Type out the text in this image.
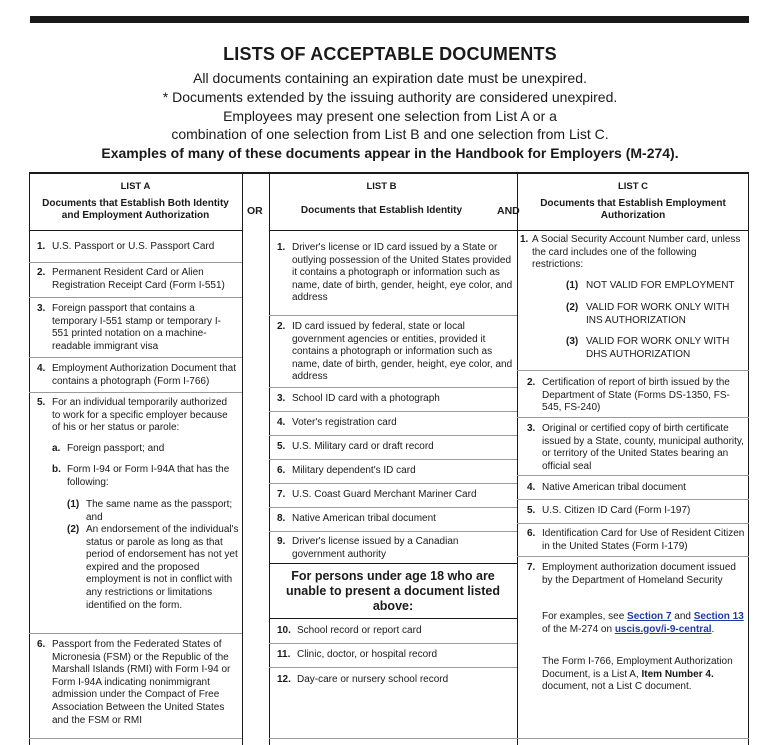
LISTS OF ACCEPTABLE DOCUMENTS
All documents containing an expiration date must be unexpired.
* Documents extended by the issuing authority are considered unexpired.
Employees may present one selection from List A or a
combination of one selection from List B and one selection from List C.
Examples of many of these documents appear in the Handbook for Employers (M-274).
LIST A
Documents that Establish Both Identity and Employment Authorization	OR
LIST B
Documents that Establish Identity	AND
LIST C
Documents that Establish Employment Authorization
1. U.S. Passport or U.S. Passport Card
2. Permanent Resident Card or Alien Registration Receipt Card (Form I-551)
3. Foreign passport that contains a temporary I-551 stamp or temporary I-551 printed notation on a machine-readable immigrant visa
4. Employment Authorization Document that contains a photograph (Form I-766)
5. For an individual temporarily authorized to work for a specific employer because of his or her status or parole:
a. Foreign passport; and
b. Form I-94 or Form I-94A that has the following:
(1) The same name as the passport; and
(2) An endorsement of the individual's status or parole as long as that period of endorsement has not yet expired and the proposed employment is not in conflict with any restrictions or limitations identified on the form.
6. Passport from the Federated States of Micronesia (FSM) or the Republic of the Marshall Islands (RMI) with Form I-94 or Form I-94A indicating nonimmigrant admission under the Compact of Free Association Between the United States and the FSM or RMI
1. Driver's license or ID card issued by a State or outlying possession of the United States provided it contains a photograph or information such as name, date of birth, gender, height, eye color, and address
2. ID card issued by federal, state or local government agencies or entities, provided it contains a photograph or information such as name, date of birth, gender, height, eye color, and address
3. School ID card with a photograph
4. Voter's registration card
5. U.S. Military card or draft record
6. Military dependent's ID card
7. U.S. Coast Guard Merchant Mariner Card
8. Native American tribal document
9. Driver's license issued by a Canadian government authority
For persons under age 18 who are unable to present a document listed above:
10. School record or report card
11. Clinic, doctor, or hospital record
12. Day-care or nursery school record
1. A Social Security Account Number card, unless the card includes one of the following restrictions:
(1) NOT VALID FOR EMPLOYMENT
(2) VALID FOR WORK ONLY WITH INS AUTHORIZATION
(3) VALID FOR WORK ONLY WITH DHS AUTHORIZATION
2. Certification of report of birth issued by the Department of State (Forms DS-1350, FS-545, FS-240)
3. Original or certified copy of birth certificate issued by a State, county, municipal authority, or territory of the United States bearing an official seal
4. Native American tribal document
5. U.S. Citizen ID Card (Form I-197)
6. Identification Card for Use of Resident Citizen in the United States (Form I-179)
7. Employment authorization document issued by the Department of Homeland Security
For examples, see Section 7 and Section 13 of the M-274 on uscis.gov/i-9-central.
The Form I-766, Employment Authorization Document, is a List A, Item Number 4. document, not a List C document.
